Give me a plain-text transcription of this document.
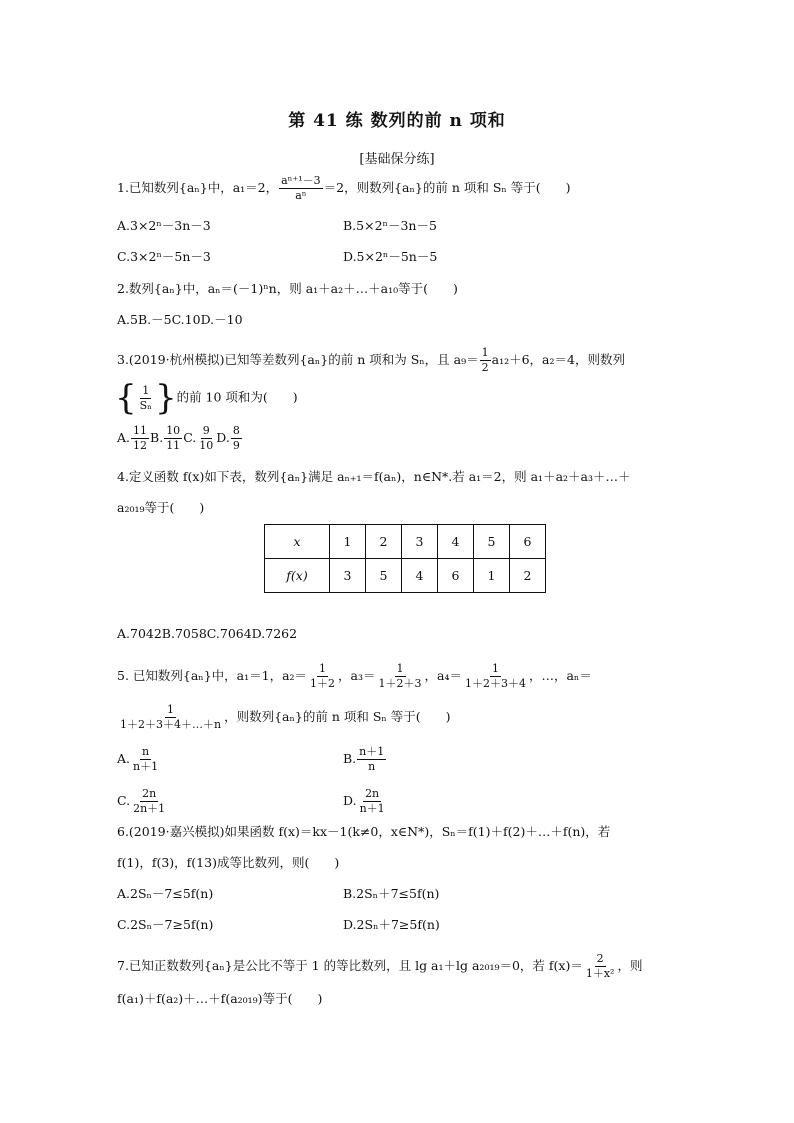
第 41 练 数列的前 n 项和
[基础保分练]
1.已知数列{aₙ}中，a₁＝2， $\frac{\text{aⁿ⁺¹－3}}{\text{aⁿ}} =2$，则数列{aₙ}的前 n 项和 Sₙ 等于(　　)
A.3×2ⁿ－3n－3	B.5×2ⁿ－3n－5
C.3×2ⁿ－5n－3	D.5×2ⁿ－5n－5
2.数列{aₙ}中，aₙ＝(－1)ⁿn，则 a₁＋a₂＋…＋a₁₀等于(　　)
A.5B.－5C.10D.－10
3.(2019·杭州模拟)已知等差数列{aₙ}的前 n 项和为 Sₙ，且 $a_9= \frac{1}{2} a_{12}+6$，a₂＝4，则数列
{ $\frac{1}{\text{Sₙ}}$ }的前 10 项和为(　　)
A. $\frac{11}{12} B$. $\frac{10}{11} C$. $\frac{9}{10} D$. $\frac{8}{9}$
4.定义函数 f(x)如下表，数列{aₙ}满足 aₙ₊₁＝f(aₙ)，n∈N*.若 a₁＝2，则 a₁＋a₂＋a₃＋…＋
a₂₀₁₉等于(　　)
x	1	2	3	4	5	6
f(x)	3	5	4	6	1	2
A.7042B.7058C.7064D.7262
5. 已知数列{aₙ}中，a₁＝1，$a_2= \frac{1}{1+2}$ ，$a_3= \frac{1}{1+2+3}$ ，$a_4= \frac{1}{1+2+3+4}$ ，…，aₙ＝
$\frac{1}{1+2+3+4+\dots+n}$ ，则数列{aₙ}的前 n 项和 Sₙ 等于(　　)
A. $\frac{n}{n+1}$	B. $\frac{n+1}{n}$
C. $\frac{2n}{2n+1}$	D. $\frac{2n}{n+1}$
6.(2019·嘉兴模拟)如果函数 f(x)＝kx－1(k≠0，x∈N*)，Sₙ＝f(1)＋f(2)＋…＋f(n)，若
f(1)，f(3)，f(13)成等比数列，则(　　)
A.2Sₙ－7≤5f(n)	B.2Sₙ＋7≤5f(n)
C.2Sₙ－7≥5f(n)	D.2Sₙ＋7≥5f(n)
7.已知正数数列{aₙ}是公比不等于 1 的等比数列，且 lg a₁＋lg a₂₀₁₉＝0，若 $f(x)= \frac{2}{\text{1＋x²}}$ ，则
f(a₁)＋f(a₂)＋…＋f(a₂₀₁₉)等于(　　)
